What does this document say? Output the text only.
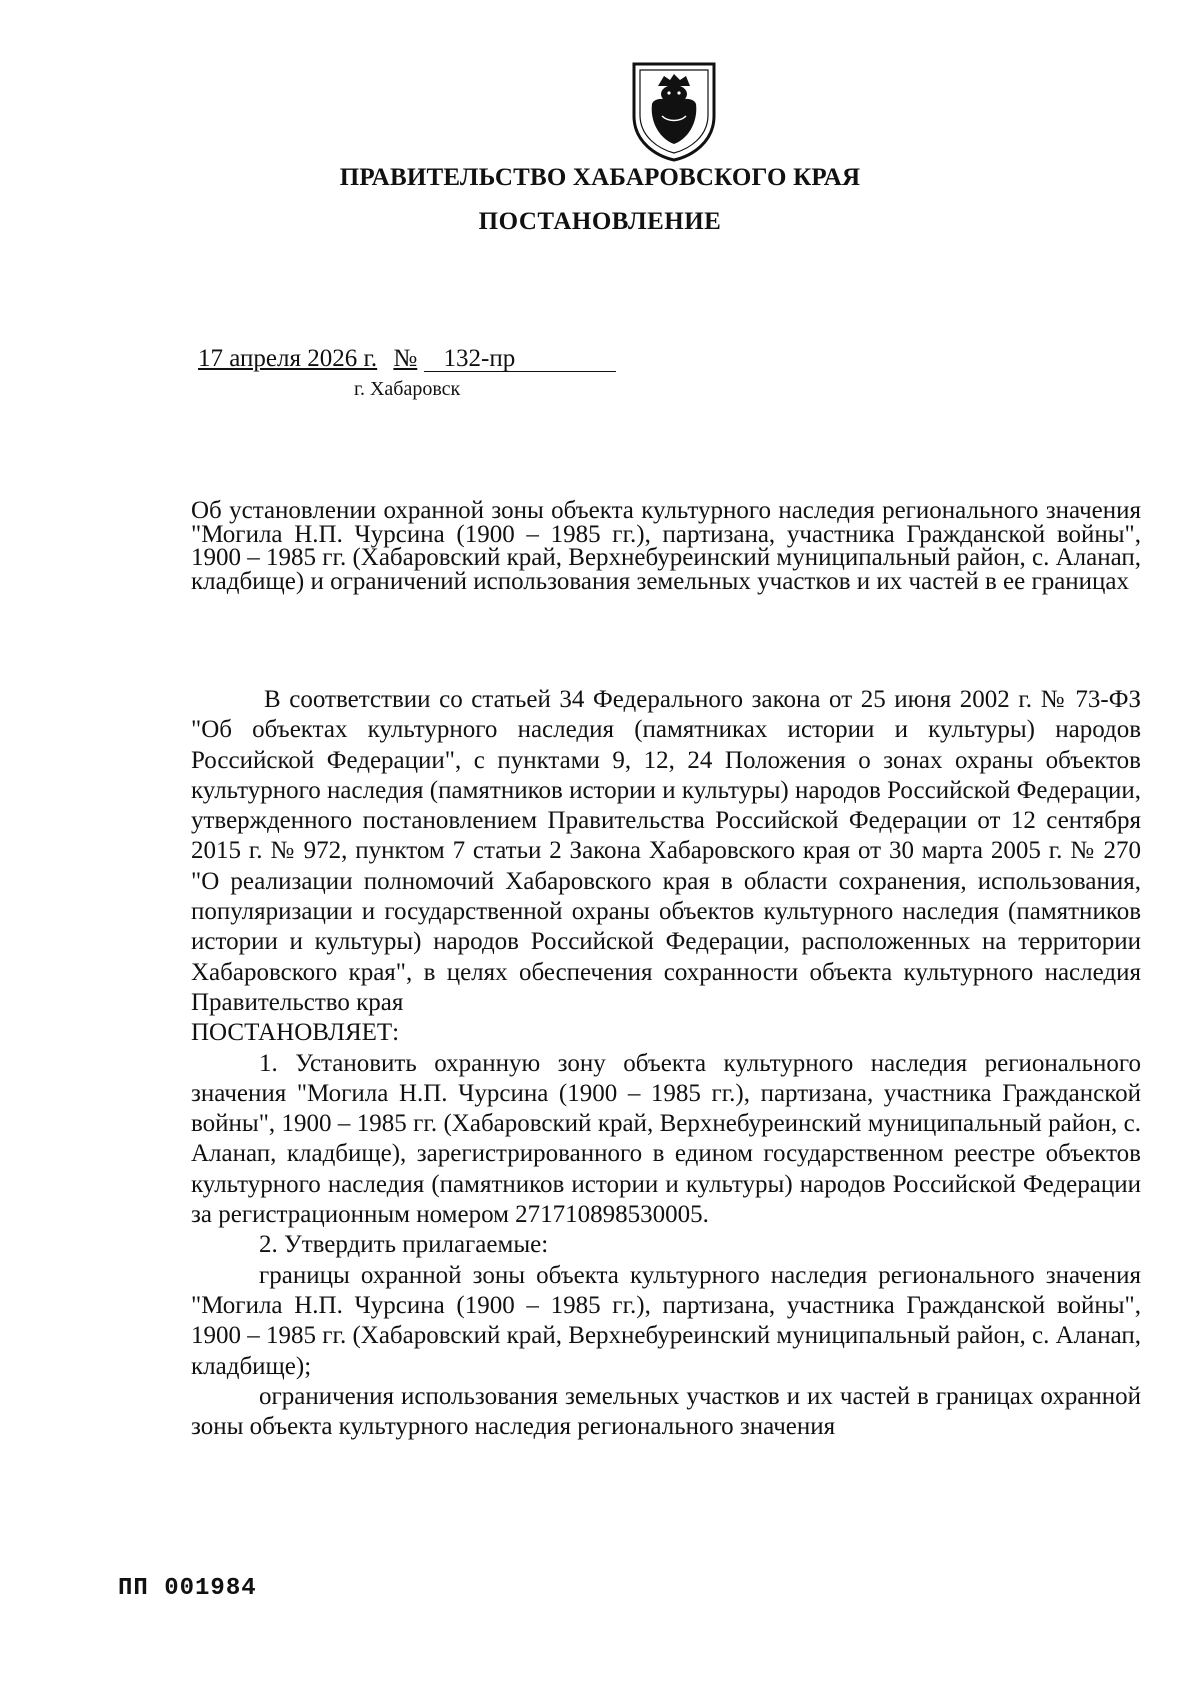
ПРАВИТЕЛЬСТВО ХАБАРОВСКОГО КРАЯ
ПОСТАНОВЛЕНИЕ
17 апреля 2026 г. № 132-пр
г. Хабаровск
Об установлении охранной зоны объекта культурного наследия регионального значения "Могила Н.П. Чурсина (1900 – 1985 гг.), партизана, участника Гражданской войны", 1900 – 1985 гг. (Хабаровский край, Верхнебуреинский муниципальный район, с. Аланап, кладбище) и ограничений использования земельных участков и их частей в ее границах

В соответствии со статьей 34 Федерального закона от 25 июня 2002 г. № 73-ФЗ "Об объектах культурного наследия (памятниках истории и культуры) народов Российской Федерации", с пунктами 9, 12, 24 Положения о зонах охраны объектов культурного наследия (памятников истории и культуры) народов Российской Федерации, утвержденного постановлением Правительства Российской Федерации от 12 сентября 2015 г. № 972, пунктом 7 статьи 2 Закона Хабаровского края от 30 марта 2005 г. № 270 "О реализации полномочий Хабаровского края в области сохранения, использования, популяризации и государственной охраны объектов культурного наследия (памятников истории и культуры) народов Российской Федерации, расположенных на территории Хабаровского края", в целях обеспечения сохранности объекта культурного наследия Правительство края

ПОСТАНОВЛЯЕТ:

1. Установить охранную зону объекта культурного наследия регионального значения "Могила Н.П. Чурсина (1900 – 1985 гг.), партизана, участника Гражданской войны", 1900 – 1985 гг. (Хабаровский край, Верхнебуреинский муниципальный район, с. Аланап, кладбище), зарегистрированного в едином государственном реестре объектов культурного наследия (памятников истории и культуры) народов Российской Федерации за регистрационным номером 271710898530005.

2. Утвердить прилагаемые:

границы охранной зоны объекта культурного наследия регионального значения "Могила Н.П. Чурсина (1900 – 1985 гг.), партизана, участника Гражданской войны", 1900 – 1985 гг. (Хабаровский край, Верхнебуреинский муниципальный район, с. Аланап, кладбище);

ограничения использования земельных участков и их частей в границах охранной зоны объекта культурного наследия регионального значения

ПП 001984
